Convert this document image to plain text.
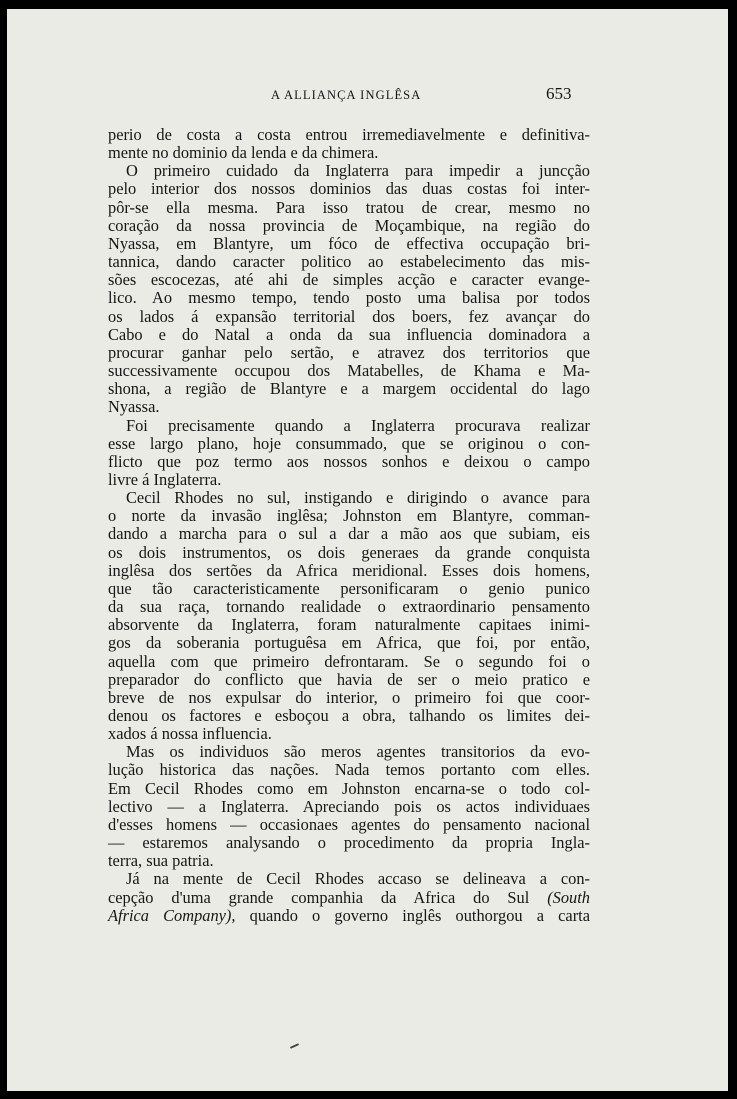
A ALLIANÇA INGLÊSA	653
perio de costa a costa entrou irremediavelmente e definitiva-
mente no dominio da lenda e da chimera.
O primeiro cuidado da Inglaterra para impedir a juncção
pelo interior dos nossos dominios das duas costas foi inter-
pôr-se ella mesma. Para isso tratou de crear, mesmo no
coração da nossa provincia de Moçambique, na região do
Nyassa, em Blantyre, um fóco de effectiva occupação bri-
tannica, dando caracter politico ao estabelecimento das mis-
sões escocezas, até ahi de simples acção e caracter evange-
lico. Ao mesmo tempo, tendo posto uma balisa por todos
os lados á expansão territorial dos boers, fez avançar do
Cabo e do Natal a onda da sua influencia dominadora a
procurar ganhar pelo sertão, e atravez dos territorios que
successivamente occupou dos Matabelles, de Khama e Ma-
shona, a região de Blantyre e a margem occidental do lago
Nyassa.
Foi precisamente quando a Inglaterra procurava realizar
esse largo plano, hoje consummado, que se originou o con-
flicto que poz termo aos nossos sonhos e deixou o campo
livre á Inglaterra.
Cecil Rhodes no sul, instigando e dirigindo o avance para
o norte da invasão inglêsa; Johnston em Blantyre, comman-
dando a marcha para o sul a dar a mão aos que subiam, eis
os dois instrumentos, os dois generaes da grande conquista
inglêsa dos sertões da Africa meridional. Esses dois homens,
que tão caracteristicamente personificaram o genio punico
da sua raça, tornando realidade o extraordinario pensamento
absorvente da Inglaterra, foram naturalmente capitaes inimi-
gos da soberania portuguêsa em Africa, que foi, por então,
aquella com que primeiro defrontaram. Se o segundo foi o
preparador do conflicto que havia de ser o meio pratico e
breve de nos expulsar do interior, o primeiro foi que coor-
denou os factores e esboçou a obra, talhando os limites dei-
xados á nossa influencia.
Mas os individuos são meros agentes transitorios da evo-
lução historica das nações. Nada temos portanto com elles.
Em Cecil Rhodes como em Johnston encarna-se o todo col-
lectivo — a Inglaterra. Apreciando pois os actos individuaes
d'esses homens — occasionaes agentes do pensamento nacional
— estaremos analysando o procedimento da propria Ingla-
terra, sua patria.
Já na mente de Cecil Rhodes accaso se delineava a con-
cepção d'uma grande companhia da Africa do Sul (South
Africa Company), quando o governo inglês outhorgou a carta
